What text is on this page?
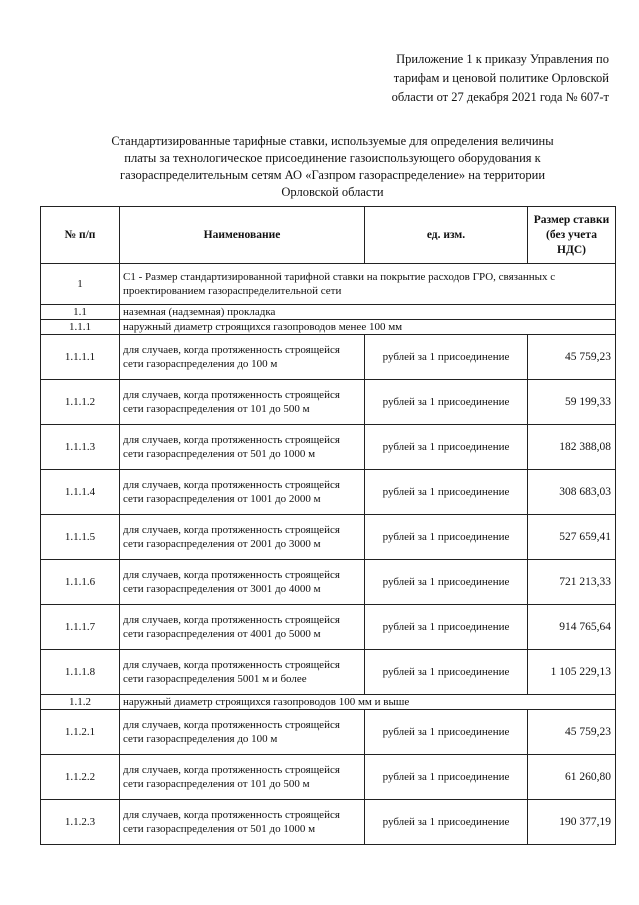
Приложение 1 к приказу Управления по
тарифам и ценовой политике Орловской
области от 27 декабря 2021 года № 607-т
Стандартизированные тарифные ставки, используемые для определения величины
платы за технологическое присоединение газоиспользующего оборудования к
газораспределительным сетям АО «Газпром газораспределение» на территории
Орловской области
№ п/п	Наименование	ед. изм.	Размер ставки (без учета НДС)
1	С1 - Размер стандартизированной тарифной ставки на покрытие расходов ГРО, связанных с проектированием газораспределительной сети		
1.1	наземная (надземная) прокладка		
1.1.1	наружный диаметр строящихся газопроводов менее 100 мм		
1.1.1.1	для случаев, когда протяженность строящейся сети газораспределения до 100 м	рублей за 1 присоединение	45 759,23
1.1.1.2	для случаев, когда протяженность строящейся сети газораспределения от 101 до 500 м	рублей за 1 присоединение	59 199,33
1.1.1.3	для случаев, когда протяженность строящейся сети газораспределения от 501 до 1000 м	рублей за 1 присоединение	182 388,08
1.1.1.4	для случаев, когда протяженность строящейся сети газораспределения от 1001 до 2000 м	рублей за 1 присоединение	308 683,03
1.1.1.5	для случаев, когда протяженность строящейся сети газораспределения от 2001 до 3000 м	рублей за 1 присоединение	527 659,41
1.1.1.6	для случаев, когда протяженность строящейся сети газораспределения от 3001 до 4000 м	рублей за 1 присоединение	721 213,33
1.1.1.7	для случаев, когда протяженность строящейся сети газораспределения от 4001 до 5000 м	рублей за 1 присоединение	914 765,64
1.1.1.8	для случаев, когда протяженность строящейся сети газораспределения 5001 м и более	рублей за 1 присоединение	1 105 229,13
1.1.2	наружный диаметр строящихся газопроводов 100 мм и выше		
1.1.2.1	для случаев, когда протяженность строящейся сети газораспределения до 100 м	рублей за 1 присоединение	45 759,23
1.1.2.2	для случаев, когда протяженность строящейся сети газораспределения от 101 до 500 м	рублей за 1 присоединение	61 260,80
1.1.2.3	для случаев, когда протяженность строящейся сети газораспределения от 501 до 1000 м	рублей за 1 присоединение	190 377,19
